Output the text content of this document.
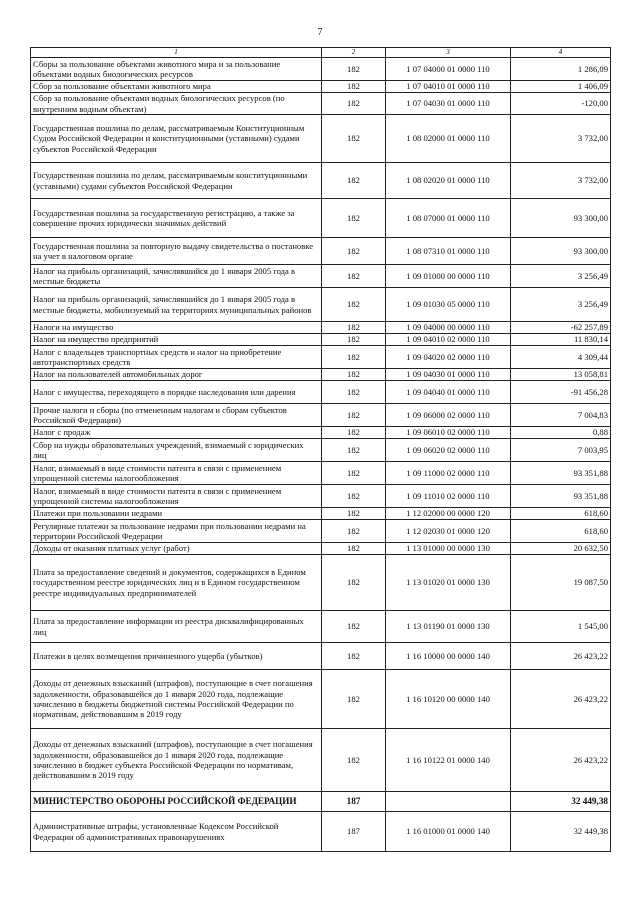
7
1	2	3	4
Сборы за пользование объектами животного мира и за пользование объектами водных биологических ресурсов	182	1 07 04000 01 0000 110	1 286,09
Сбор за пользование объектами животного мира	182	1 07 04010 01 0000 110	1 406,09
Сбор за пользование объектами водных биологических ресурсов (по внутренним водным объектам)	182	1 07 04030 01 0000 110	-120,00
Государственная пошлина по делам, рассматриваемым Конституционным Судом Российской Федерации и конституционными (уставными) судами субъектов Российской Федерации	182	1 08 02000 01 0000 110	3 732,00
Государственная пошлина по делам, рассматриваемым конституционными (уставными) судами субъектов Российской Федерации	182	1 08 02020 01 0000 110	3 732,00
Государственная пошлина за государственную регистрацию, а также за совершение прочих юридически значимых действий	182	1 08 07000 01 0000 110	93 300,00
Государственная пошлина за повторную выдачу свидетельства о постановке на учет в налоговом органе	182	1 08 07310 01 0000 110	93 300,00
Налог на прибыль организаций, зачислявшийся до 1 января 2005 года в местные бюджеты	182	1 09 01000 00 0000 110	3 256,49
Налог на прибыль организаций, зачислявшийся до 1 января 2005 года в местные бюджеты, мобилизуемый на территориях муниципальных районов	182	1 09 01030 05 0000 110	3 256,49
Налоги на имущество	182	1 09 04000 00 0000 110	-62 257,89
Налог на имущество предприятий	182	1 09 04010 02 0000 110	11 830,14
Налог с владельцев транспортных средств и налог на приобретение автотранспортных средств	182	1 09 04020 02 0000 110	4 309,44
Налог на пользователей автомобильных дорог	182	1 09 04030 01 0000 110	13 058,81
Налог с имущества, переходящего в порядке наследования или дарения	182	1 09 04040 01 0000 110	-91 456,28
Прочие налоги и сборы (по отмененным налогам и сборам субъектов Российской Федерации)	182	1 09 06000 02 0000 110	7 004,83
Налог с продаж	182	1 09 06010 02 0000 110	0,88
Сбор на нужды образовательных учреждений, взимаемый с юридических лиц	182	1 09 06020 02 0000 110	7 003,95
Налог, взимаемый в виде стоимости патента в связи с применением упрощенной системы налогообложения	182	1 09 11000 02 0000 110	93 351,88
Налог, взимаемый в виде стоимости патента в связи с применением упрощенной системы налогообложения	182	1 09 11010 02 0000 110	93 351,88
Платежи при пользовании недрами	182	1 12 02000 00 0000 120	618,60
Регулярные платежи за пользование недрами при пользовании недрами на территории Российской Федерации	182	1 12 02030 01 0000 120	618,60
Доходы от оказания платных услуг (работ)	182	1 13 01000 00 0000 130	20 632,50
Плата за предоставление сведений и документов, содержащихся в Едином государственном реестре юридических лиц и в Едином государственном реестре индивидуальных предпринимателей	182	1 13 01020 01 0000 130	19 087,50
Плата за предоставление информации из реестра дисквалифицированных лиц	182	1 13 01190 01 0000 130	1 545,00
Платежи в целях возмещения причиненного ущерба (убытков)	182	1 16 10000 00 0000 140	26 423,22
Доходы от денежных взысканий (штрафов), поступающие в счет погашения задолженности, образовавшейся до 1 января 2020 года, подлежащие зачислению в бюджеты бюджетной системы Российской Федерации по нормативам, действовавшим в 2019 году	182	1 16 10120 00 0000 140	26 423,22
Доходы от денежных взысканий (штрафов), поступающие в счет погашения задолженности, образовавшейся до 1 января 2020 года, подлежащие зачислению в бюджет субъекта Российской Федерации по нормативам, действовавшим в 2019 году	182	1 16 10122 01 0000 140	26 423,22
МИНИСТЕРСТВО ОБОРОНЫ РОССИЙСКОЙ ФЕДЕРАЦИИ	187		32 449,38
Административные штрафы, установленные Кодексом Российской Федерации об административных правонарушениях	187	1 16 01000 01 0000 140	32 449,38
